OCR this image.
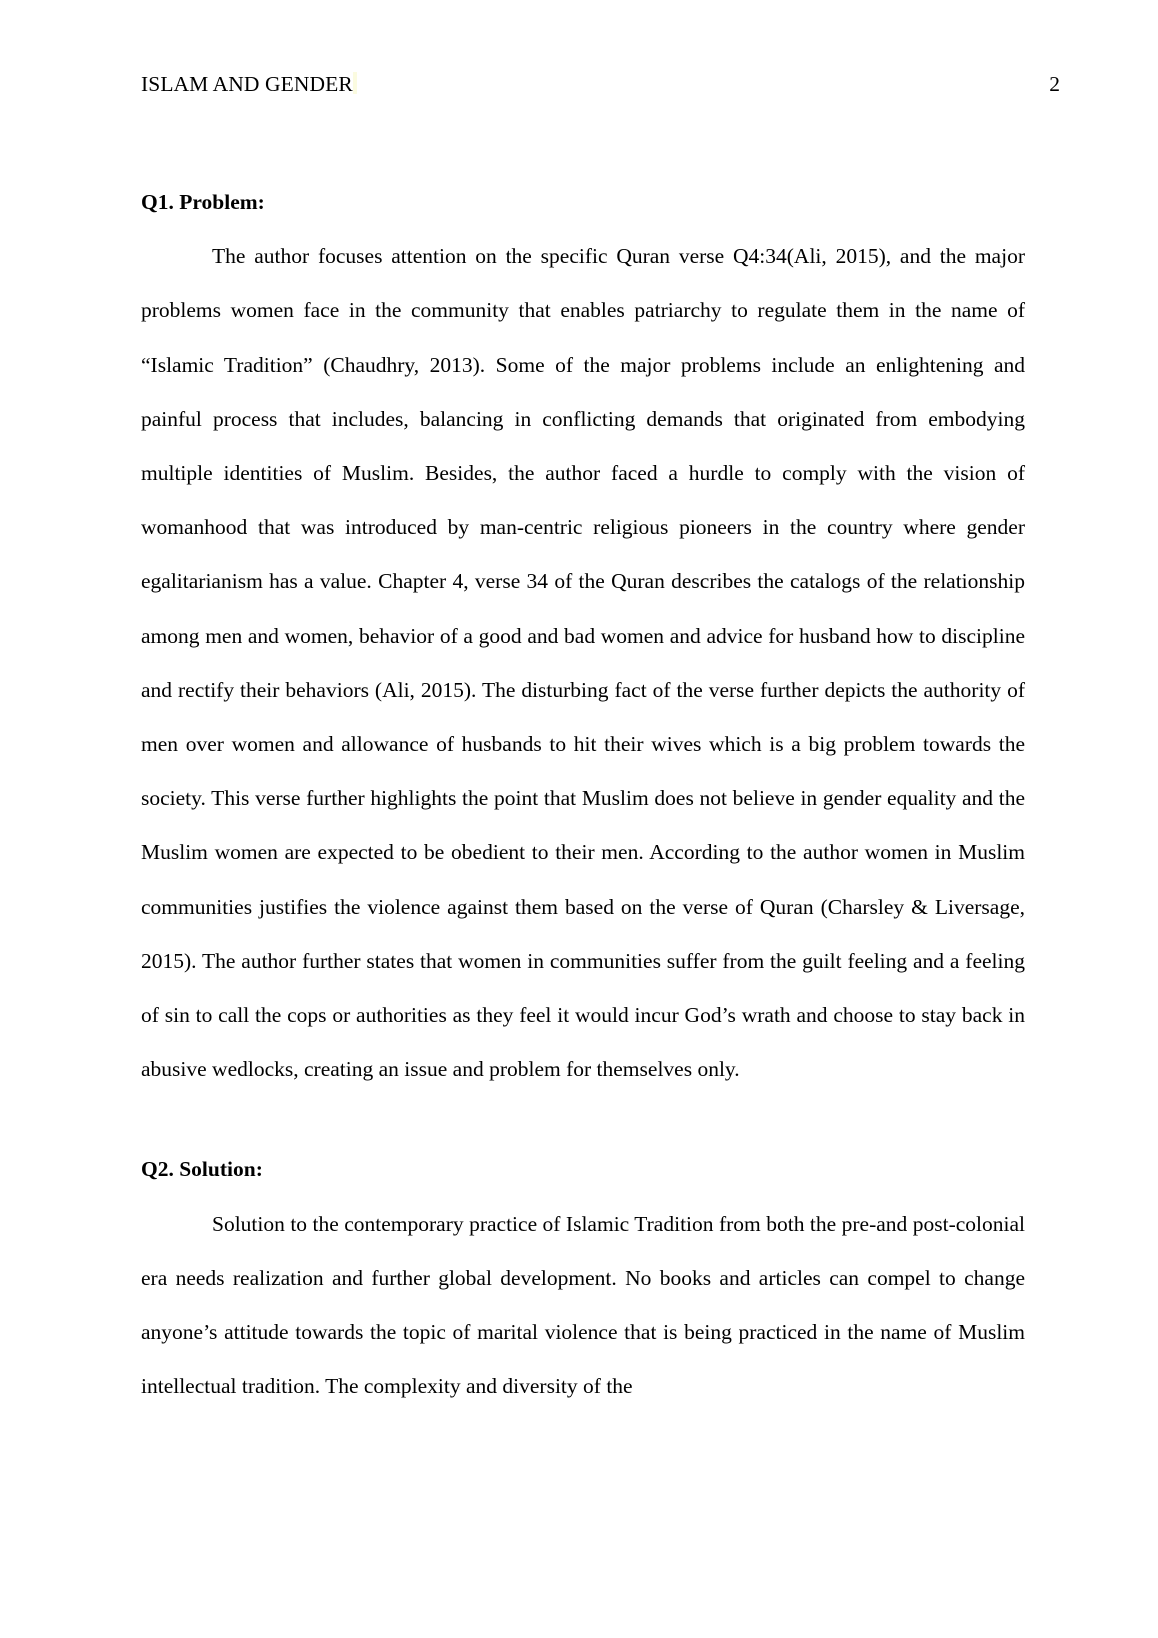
ISLAM AND GENDER	2

Q1. Problem:

The author focuses attention on the specific Quran verse Q4:34(Ali, 2015), and the major problems women face in the community that enables patriarchy to regulate them in the name of “Islamic Tradition” (Chaudhry, 2013). Some of the major problems include an enlightening and painful process that includes, balancing in conflicting demands that originated from embodying multiple identities of Muslim. Besides, the author faced a hurdle to comply with the vision of womanhood that was introduced by man-centric religious pioneers in the country where gender egalitarianism has a value. Chapter 4, verse 34 of the Quran describes the catalogs of the relationship among men and women, behavior of a good and bad women and advice for husband how to discipline and rectify their behaviors (Ali, 2015). The disturbing fact of the verse further depicts the authority of men over women and allowance of husbands to hit their wives which is a big problem towards the society. This verse further highlights the point that Muslim does not believe in gender equality and the Muslim women are expected to be obedient to their men. According to the author women in Muslim communities justifies the violence against them based on the verse of Quran (Charsley & Liversage, 2015). The author further states that women in communities suffer from the guilt feeling and a feeling of sin to call the cops or authorities as they feel it would incur God’s wrath and choose to stay back in abusive wedlocks, creating an issue and problem for themselves only.

Q2. Solution:

Solution to the contemporary practice of Islamic Tradition from both the pre-and post-colonial era needs realization and further global development. No books and articles can compel to change anyone’s attitude towards the topic of marital violence that is being practiced in the name of Muslim intellectual tradition. The complexity and diversity of the
